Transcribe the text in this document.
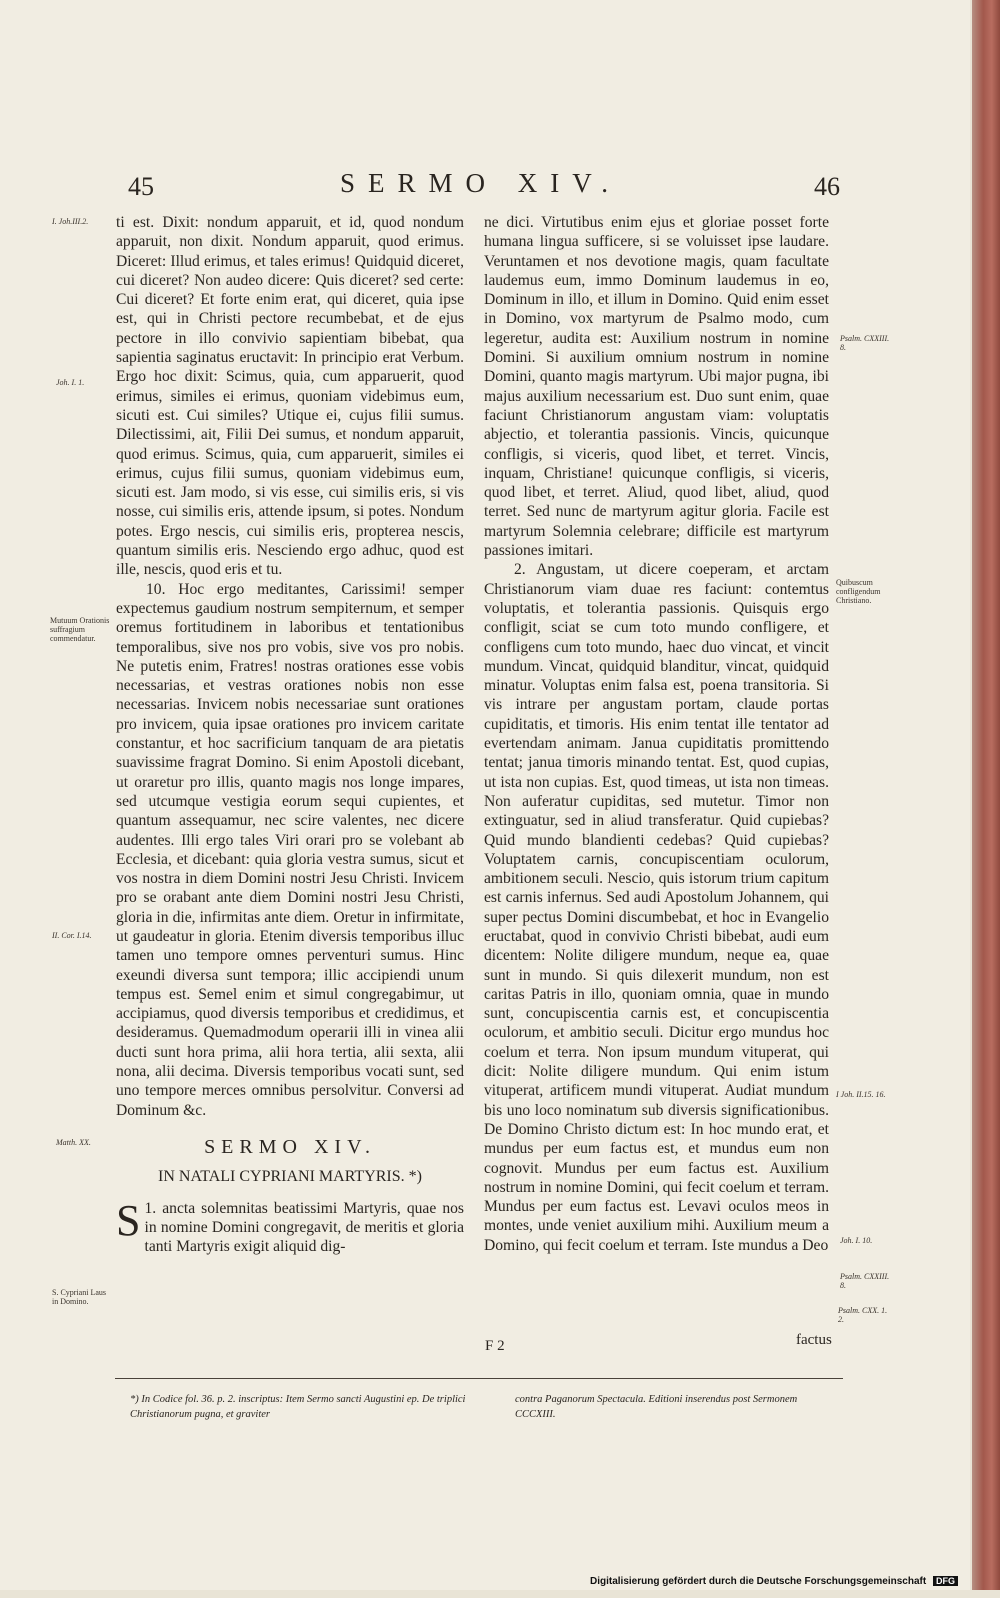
45	SERMO XIV.	46
I. Joh.III.2.
Joh. I. 1.
Mutuum Orationis suffragium commendatur.
II. Cor. I.14.
Matth. XX.
S. Cypriani Laus in Domino.
Psalm. CXXIII. 8.
Quibuscum confligendum Christiano.
I Joh. II.15. 16.
Joh. I. 10.
Psalm. CXXIII. 8.
Psalm. CXX. 1. 2.

ti est. Dixit: nondum apparuit, et id, quod nondum apparuit, non dixit. Nondum apparuit, quod erimus. Diceret: Illud erimus, et tales erimus! Quidquid diceret, cui diceret? Non audeo dicere: Quis diceret? sed certe: Cui diceret? Et forte enim erat, qui diceret, quia ipse est, qui in Christi pectore recumbebat, et de ejus pectore in illo convivio sapientiam bibebat, qua sapientia saginatus eructavit: In principio erat Verbum. Ergo hoc dixit: Scimus, quia, cum apparuerit, quod erimus, similes ei erimus, quoniam videbimus eum, sicuti est. Cui similes? Utique ei, cujus filii sumus. Dilectissimi, ait, Filii Dei sumus, et nondum apparuit, quod erimus. Scimus, quia, cum apparuerit, similes ei erimus, cujus filii sumus, quoniam videbimus eum, sicuti est. Jam modo, si vis esse, cui similis eris, si vis nosse, cui similis eris, attende ipsum, si potes. Nondum potes. Ergo nescis, cui similis eris, propterea nescis, quantum similis eris. Nesciendo ergo adhuc, quod est ille, nescis, quod eris et tu.

10. Hoc ergo meditantes, Carissimi! semper expectemus gaudium nostrum sempiternum, et semper oremus fortitudinem in laboribus et tentationibus temporalibus, sive nos pro vobis, sive vos pro nobis. Ne putetis enim, Fratres! nostras orationes esse vobis necessarias, et vestras orationes nobis non esse necessarias. Invicem nobis necessariae sunt orationes pro invicem, quia ipsae orationes pro invicem caritate constantur, et hoc sacrificium tanquam de ara pietatis suavissime fragrat Domino. Si enim Apostoli dicebant, ut oraretur pro illis, quanto magis nos longe impares, sed utcumque vestigia eorum sequi cupientes, et quantum assequamur, nec scire valentes, nec dicere audentes. Illi ergo tales Viri orari pro se volebant ab Ecclesia, et dicebant: quia gloria vestra sumus, sicut et vos nostra in diem Domini nostri Jesu Christi. Invicem pro se orabant ante diem Domini nostri Jesu Christi, gloria in die, infirmitas ante diem. Oretur in infirmitate, ut gaudeatur in gloria. Etenim diversis temporibus illuc tamen uno tempore omnes perventuri sumus. Hinc exeundi diversa sunt tempora; illic accipiendi unum tempus est. Semel enim et simul congregabimur, ut accipiamus, quod diversis temporibus et credidimus, et desideramus. Quemadmodum operarii illi in vinea alii ducti sunt hora prima, alii hora tertia, alii sexta, alii nona, alii decima. Diversis temporibus vocati sunt, sed uno tempore merces omnibus persolvitur. Conversi ad Dominum &c.

SERMO XIV.
IN NATALI CYPRIANI MARTYRIS. *)

1.
S ancta solemnitas beatissimi Martyris, quae nos in nomine Domini congregavit, de meritis et gloria tanti Martyris exigit aliquid dig-

ne dici. Virtutibus enim ejus et gloriae posset forte humana lingua sufficere, si se voluisset ipse laudare. Veruntamen et nos devotione magis, quam facultate laudemus eum, immo Dominum laudemus in eo, Dominum in illo, et illum in Domino. Quid enim esset in Domino, vox martyrum de Psalmo modo, cum legeretur, audita est: Auxilium nostrum in nomine Domini. Si auxilium omnium nostrum in nomine Domini, quanto magis martyrum. Ubi major pugna, ibi majus auxilium necessarium est. Duo sunt enim, quae faciunt Christianorum angustam viam: voluptatis abjectio, et tolerantia passionis. Vincis, quicunque confligis, si viceris, quod libet, et terret. Vincis, inquam, Christiane! quicunque confligis, si viceris, quod libet, et terret. Aliud, quod libet, aliud, quod terret. Sed nunc de martyrum agitur gloria. Facile est martyrum Solemnia celebrare; difficile est martyrum passiones imitari.

2. Angustam, ut dicere coeperam, et arctam Christianorum viam duae res faciunt: contemtus voluptatis, et tolerantia passionis. Quisquis ergo confligit, sciat se cum toto mundo confligere, et confligens cum toto mundo, haec duo vincat, et vincit mundum. Vincat, quidquid blanditur, vincat, quidquid minatur. Voluptas enim falsa est, poena transitoria. Si vis intrare per angustam portam, claude portas cupiditatis, et timoris. His enim tentat ille tentator ad evertendam animam. Janua cupiditatis promittendo tentat; janua timoris minando tentat. Est, quod cupias, ut ista non cupias. Est, quod timeas, ut ista non timeas. Non auferatur cupiditas, sed mutetur. Timor non extinguatur, sed in aliud transferatur. Quid cupiebas? Quid mundo blandienti cedebas? Quid cupiebas? Voluptatem carnis, concupiscentiam oculorum, ambitionem seculi. Nescio, quis istorum trium capitum est carnis infernus. Sed audi Apostolum Johannem, qui super pectus Domini discumbebat, et hoc in Evangelio eructabat, quod in convivio Christi bibebat, audi eum dicentem: Nolite diligere mundum, neque ea, quae sunt in mundo. Si quis dilexerit mundum, non est caritas Patris in illo, quoniam omnia, quae in mundo sunt, concupiscentia carnis est, et concupiscentia oculorum, et ambitio seculi. Dicitur ergo mundus hoc coelum et terra. Non ipsum mundum vituperat, qui dicit: Nolite diligere mundum. Qui enim istum vituperat, artificem mundi vituperat. Audiat mundum bis uno loco nominatum sub diversis significationibus. De Domino Christo dictum est: In hoc mundo erat, et mundus per eum factus est, et mundus eum non cognovit. Mundus per eum factus est. Auxilium nostrum in nomine Domini, qui fecit coelum et terram. Mundus per eum factus est. Levavi oculos meos in montes, unde veniet auxilium mihi. Auxilium meum a Domino, qui fecit coelum et terram. Iste mundus a Deo

F 2	factus
*) In Codice fol. 36. p. 2. inscriptus: Item Sermo sancti Augustini ep. De triplici Christianorum pugna, et graviter
contra Paganorum Spectacula. Editioni inserendus post Sermonem CCCXIII.
Digitalisierung gefördert durch die Deutsche Forschungsgemeinschaft DFG
